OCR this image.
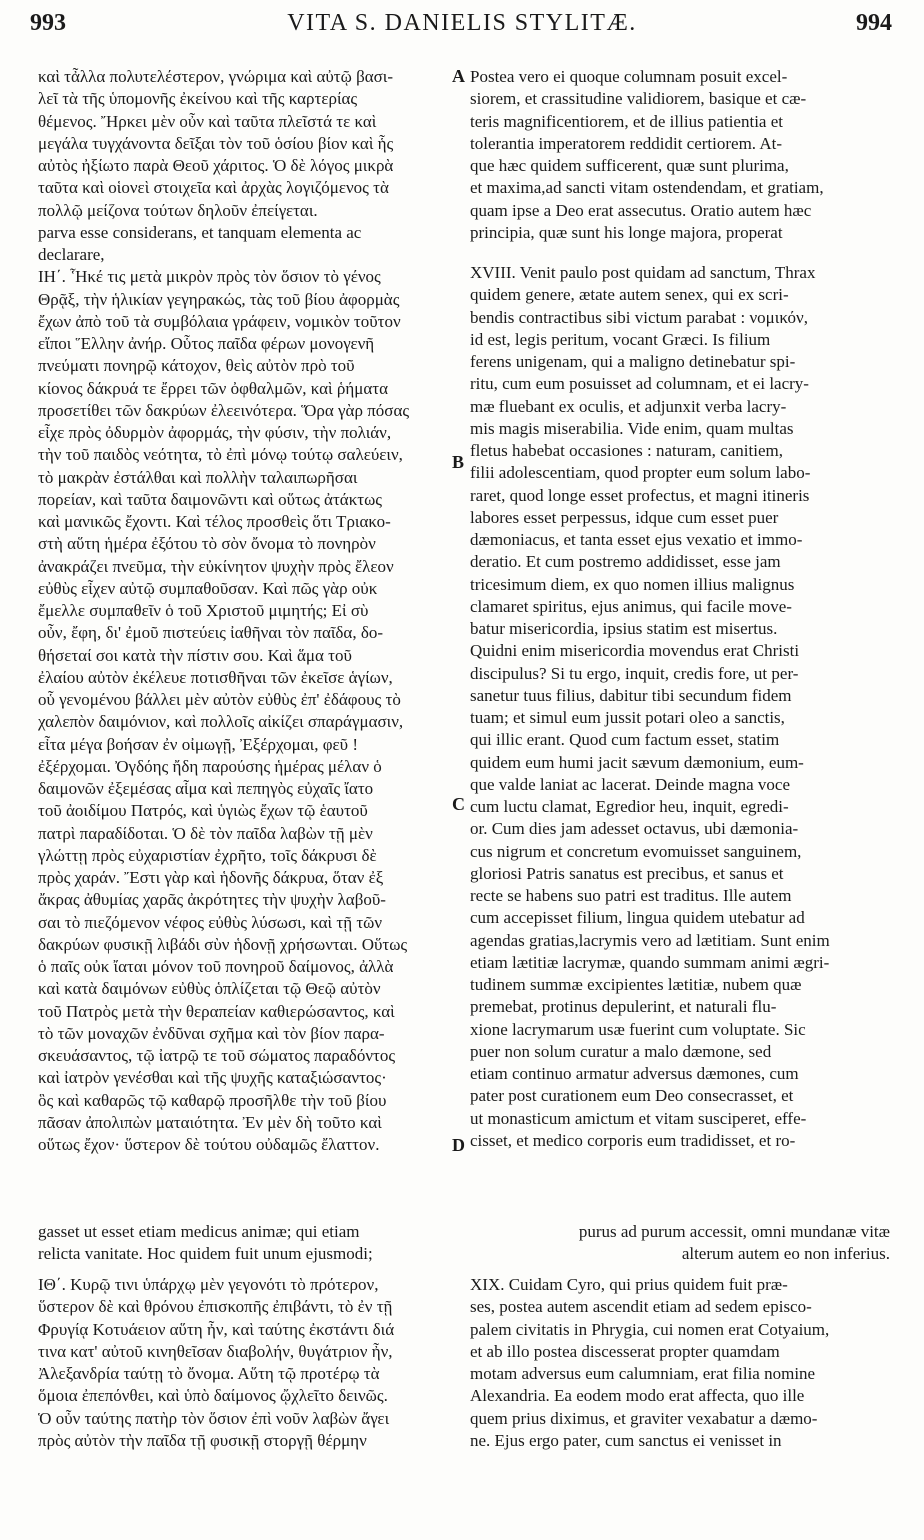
993	VITA S. DANIELIS STYLITÆ.	994
καὶ τἆλλα πολυτελέστερον, γνώριμα καὶ αὐτῷ βασι-
λεῖ τὰ τῆς ὑπομονῆς ἐκείνου καὶ τῆς καρτερίας
θέμενος. Ἤρκει μὲν οὖν καὶ ταῦτα πλεῖστά τε καὶ
μεγάλα τυγχάνοντα δεῖξαι τὸν τοῦ ὁσίου βίον καὶ ἧς
αὐτὸς ἠξίωτο παρὰ Θεοῦ χάριτος. Ὁ δὲ λόγος μικρὰ
ταῦτα καὶ οἱονεὶ στοιχεῖα καὶ ἀρχὰς λογιζόμενος τὰ
πολλῷ μείζονα τούτων δηλοῦν ἐπείγεται.
parva esse considerans, et tanquam elementa ac
declarare,
ΙΗ΄. Ἧκέ τις μετὰ μικρὸν πρὸς τὸν ὅσιον τὸ γένος
Θρᾷξ, τὴν ἡλικίαν γεγηρακώς, τὰς τοῦ βίου ἀφορμὰς
ἔχων ἀπὸ τοῦ τὰ συμβόλαια γράφειν, νομικὸν τοῦτον
εἴποι Ἕλλην ἀνήρ. Οὗτος παῖδα φέρων μονογενῆ
πνεύματι πονηρῷ κάτοχον, θεὶς αὐτὸν πρὸ τοῦ
κίονος δάκρυά τε ἔρρει τῶν ὀφθαλμῶν, καὶ ῥήματα
προσετίθει τῶν δακρύων ἐλεεινότερα. Ὅρα γὰρ πόσας
εἶχε πρὸς ὀδυρμὸν ἀφορμάς, τὴν φύσιν, τὴν πολιάν,
τὴν τοῦ παιδὸς νεότητα, τὸ ἐπὶ μόνῳ τούτῳ σαλεύειν,
τὸ μακρὰν ἐστάλθαι καὶ πολλὴν ταλαιπωρῆσαι
πορείαν, καὶ ταῦτα δαιμονῶντι καὶ οὕτως ἀτάκτως
καὶ μανικῶς ἔχοντι. Καὶ τέλος προσθεὶς ὅτι Τριακο-
στὴ αὕτη ἡμέρα ἐξότου τὸ σὸν ὄνομα τὸ πονηρὸν
ἀνακράζει πνεῦμα, τὴν εὐκίνητον ψυχὴν πρὸς ἔλεον
εὐθὺς εἶχεν αὐτῷ συμπαθοῦσαν. Καὶ πῶς γὰρ οὐκ
ἔμελλε συμπαθεῖν ὁ τοῦ Χριστοῦ μιμητής; Εἰ σὺ
οὖν, ἔφη, δι' ἐμοῦ πιστεύεις ἰαθῆναι τὸν παῖδα, δο-
θήσεταί σοι κατὰ τὴν πίστιν σου. Καὶ ἅμα τοῦ
ἐλαίου αὐτὸν ἐκέλευε ποτισθῆναι τῶν ἐκεῖσε ἁγίων,
οὗ γενομένου βάλλει μὲν αὐτὸν εὐθὺς ἐπ' ἐδάφους τὸ
χαλεπὸν δαιμόνιον, καὶ πολλοῖς αἰκίζει σπαράγμασιν,
εἶτα μέγα βοήσαν ἐν οἰμωγῇ, Ἐξέρχομαι, φεῦ !
ἐξέρχομαι. Ὀγδόης ἤδη παρούσης ἡμέρας μέλαν ὁ
δαιμονῶν ἐξεμέσας αἷμα καὶ πεπηγὸς εὐχαῖς ἴατο
τοῦ ἀοιδίμου Πατρός, καὶ ὑγιὼς ἔχων τῷ ἑαυτοῦ
πατρὶ παραδίδοται. Ὁ δὲ τὸν παῖδα λαβὼν τῇ μὲν
γλώττῃ πρὸς εὐχαριστίαν ἐχρῆτο, τοῖς δάκρυσι δὲ
πρὸς χαράν. Ἔστι γὰρ καὶ ἡδονῆς δάκρυα, ὅταν ἐξ
ἄκρας ἀθυμίας χαρᾶς ἀκρότητες τὴν ψυχὴν λαβοῦ-
σαι τὸ πιεζόμενον νέφος εὐθὺς λύσωσι, καὶ τῇ τῶν
δακρύων φυσικῇ λιβάδι σὺν ἡδονῇ χρήσωνται. Οὕτως
ὁ παῖς οὐκ ἴαται μόνον τοῦ πονηροῦ δαίμονος, ἀλλὰ
καὶ κατὰ δαιμόνων εὐθὺς ὁπλίζεται τῷ Θεῷ αὐτὸν
τοῦ Πατρὸς μετὰ τὴν θεραπείαν καθιερώσαντος, καὶ
τὸ τῶν μοναχῶν ἐνδῦναι σχῆμα καὶ τὸν βίον παρα-
σκευάσαντος, τῷ ἰατρῷ τε τοῦ σώματος παραδόντος
καὶ ἰατρὸν γενέσθαι καὶ τῆς ψυχῆς καταξιώσαντος·
ὃς καὶ καθαρῶς τῷ καθαρῷ προσῆλθε τὴν τοῦ βίου
πᾶσαν ἀπολιπὼν ματαιότητα. Ἐν μὲν δὴ τοῦτο καὶ
οὕτως ἔχον· ὕστερον δὲ τούτου οὐδαμῶς ἔλαττον.
Postea vero ei quoque columnam posuit excel-
siorem, et crassitudine validiorem, basique et cæ-
teris magnificentiorem, et de illius patientia et
tolerantia imperatorem reddidit certiorem. At-
que hæc quidem sufficerent, quæ sunt plurima,
et maxima,ad sancti vitam ostendendam, et gratiam,
quam ipse a Deo erat assecutus. Oratio autem hæc
principia, quæ sunt his longe majora, properat
XVIII. Venit paulo post quidam ad sanctum, Thrax
quidem genere, ætate autem senex, qui ex scri-
bendis contractibus sibi victum parabat : νομικόν,
id est, legis peritum, vocant Græci. Is filium
ferens unigenam, qui a maligno detinebatur spi-
ritu, cum eum posuisset ad columnam, et ei lacry-
mæ fluebant ex oculis, et adjunxit verba lacry-
mis magis miserabilia. Vide enim, quam multas
fletus habebat occasiones : naturam, canitiem,
filii adolescentiam, quod propter eum solum labo-
raret, quod longe esset profectus, et magni itineris
labores esset perpessus, idque cum esset puer
dæmoniacus, et tanta esset ejus vexatio et immo-
deratio. Et cum postremo addidisset, esse jam
tricesimum diem, ex quo nomen illius malignus
clamaret spiritus, ejus animus, qui facile move-
batur misericordia, ipsius statim est misertus.
Quidni enim misericordia movendus erat Christi
discipulus? Si tu ergo, inquit, credis fore, ut per-
sanetur tuus filius, dabitur tibi secundum fidem
tuam; et simul eum jussit potari oleo a sanctis,
qui illic erant. Quod cum factum esset, statim
quidem eum humi jacit sævum dæmonium, eum-
que valde laniat ac lacerat. Deinde magna voce
cum luctu clamat, Egredior heu, inquit, egredi-
or. Cum dies jam adesset octavus, ubi dæmonia-
cus nigrum et concretum evomuisset sanguinem,
gloriosi Patris sanatus est precibus, et sanus et
recte se habens suo patri est traditus. Ille autem
cum accepisset filium, lingua quidem utebatur ad
agendas gratias,lacrymis vero ad lætitiam. Sunt enim
etiam lætitiæ lacrymæ, quando summam animi ægri-
tudinem summæ excipientes lætitiæ, nubem quæ
premebat, protinus depulerint, et naturali flu-
xione lacrymarum usæ fuerint cum voluptate. Sic
puer non solum curatur a malo dæmone, sed
etiam continuo armatur adversus dæmones, cum
pater post curationem eum Deo consecrasset, et
ut monasticum amictum et vitam susciperet, effe-
cisset, et medico corporis eum tradidisset, et ro-
A
B
C
D
gasset ut esset etiam medicus animæ; qui etiam	purus ad purum accessit, omni mundanæ vitæ
relicta vanitate. Hoc quidem fuit unum ejusmodi;	alterum autem eo non inferius.
ΙΘ΄. Κυρῷ τινι ὑπάρχῳ μὲν γεγονότι τὸ πρότερον,
ὕστερον δὲ καὶ θρόνου ἐπισκοπῆς ἐπιβάντι, τὸ ἐν τῇ
Φρυγίᾳ Κοτυάειον αὕτη ἦν, καὶ ταύτης ἐκστάντι διά
τινα κατ' αὐτοῦ κινηθεῖσαν διαβολήν, θυγάτριον ἦν,
Ἀλεξανδρία ταύτῃ τὸ ὄνομα. Αὕτη τῷ προτέρῳ τὰ
ὅμοια ἐπεπόνθει, καὶ ὑπὸ δαίμονος ᾤχλεῖτο δεινῶς.
Ὁ οὖν ταύτης πατὴρ τὸν ὅσιον ἐπὶ νοῦν λαβὼν ἄγει
πρὸς αὐτὸν τὴν παῖδα τῇ φυσικῇ στοργῇ θέρμην
XIX. Cuidam Cyro, qui prius quidem fuit præ-
ses, postea autem ascendit etiam ad sedem episco-
palem civitatis in Phrygia, cui nomen erat Cotyaium,
et ab illo postea discesserat propter quamdam
motam adversus eum calumniam, erat filia nomine
Alexandria. Ea eodem modo erat affecta, quo ille
quem prius diximus, et graviter vexabatur a dæmo-
ne. Ejus ergo pater, cum sanctus ei venisset in
